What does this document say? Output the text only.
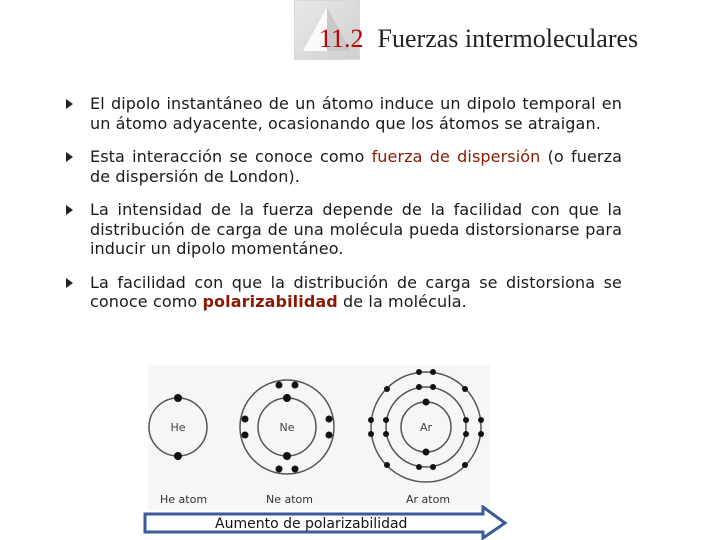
11.2 Fuerzas intermoleculares
El dipolo instantáneo de un átomo induce un dipolo temporal en un átomo adyacente, ocasionando que los átomos se atraigan.
Esta interacción se conoce como fuerza de dispersión (o fuerza de dispersión de London).
La intensidad de la fuerza depende de la facilidad con que la distribución de carga de una molécula pueda distorsionarse para inducir un dipolo momentáneo.
La facilidad con que la distribución de carga se distorsiona se conoce como polarizabilidad de la molécula.
He	Ne	Ar
He atom	Ne atom	Ar atom
Aumento de polarizabilidad
